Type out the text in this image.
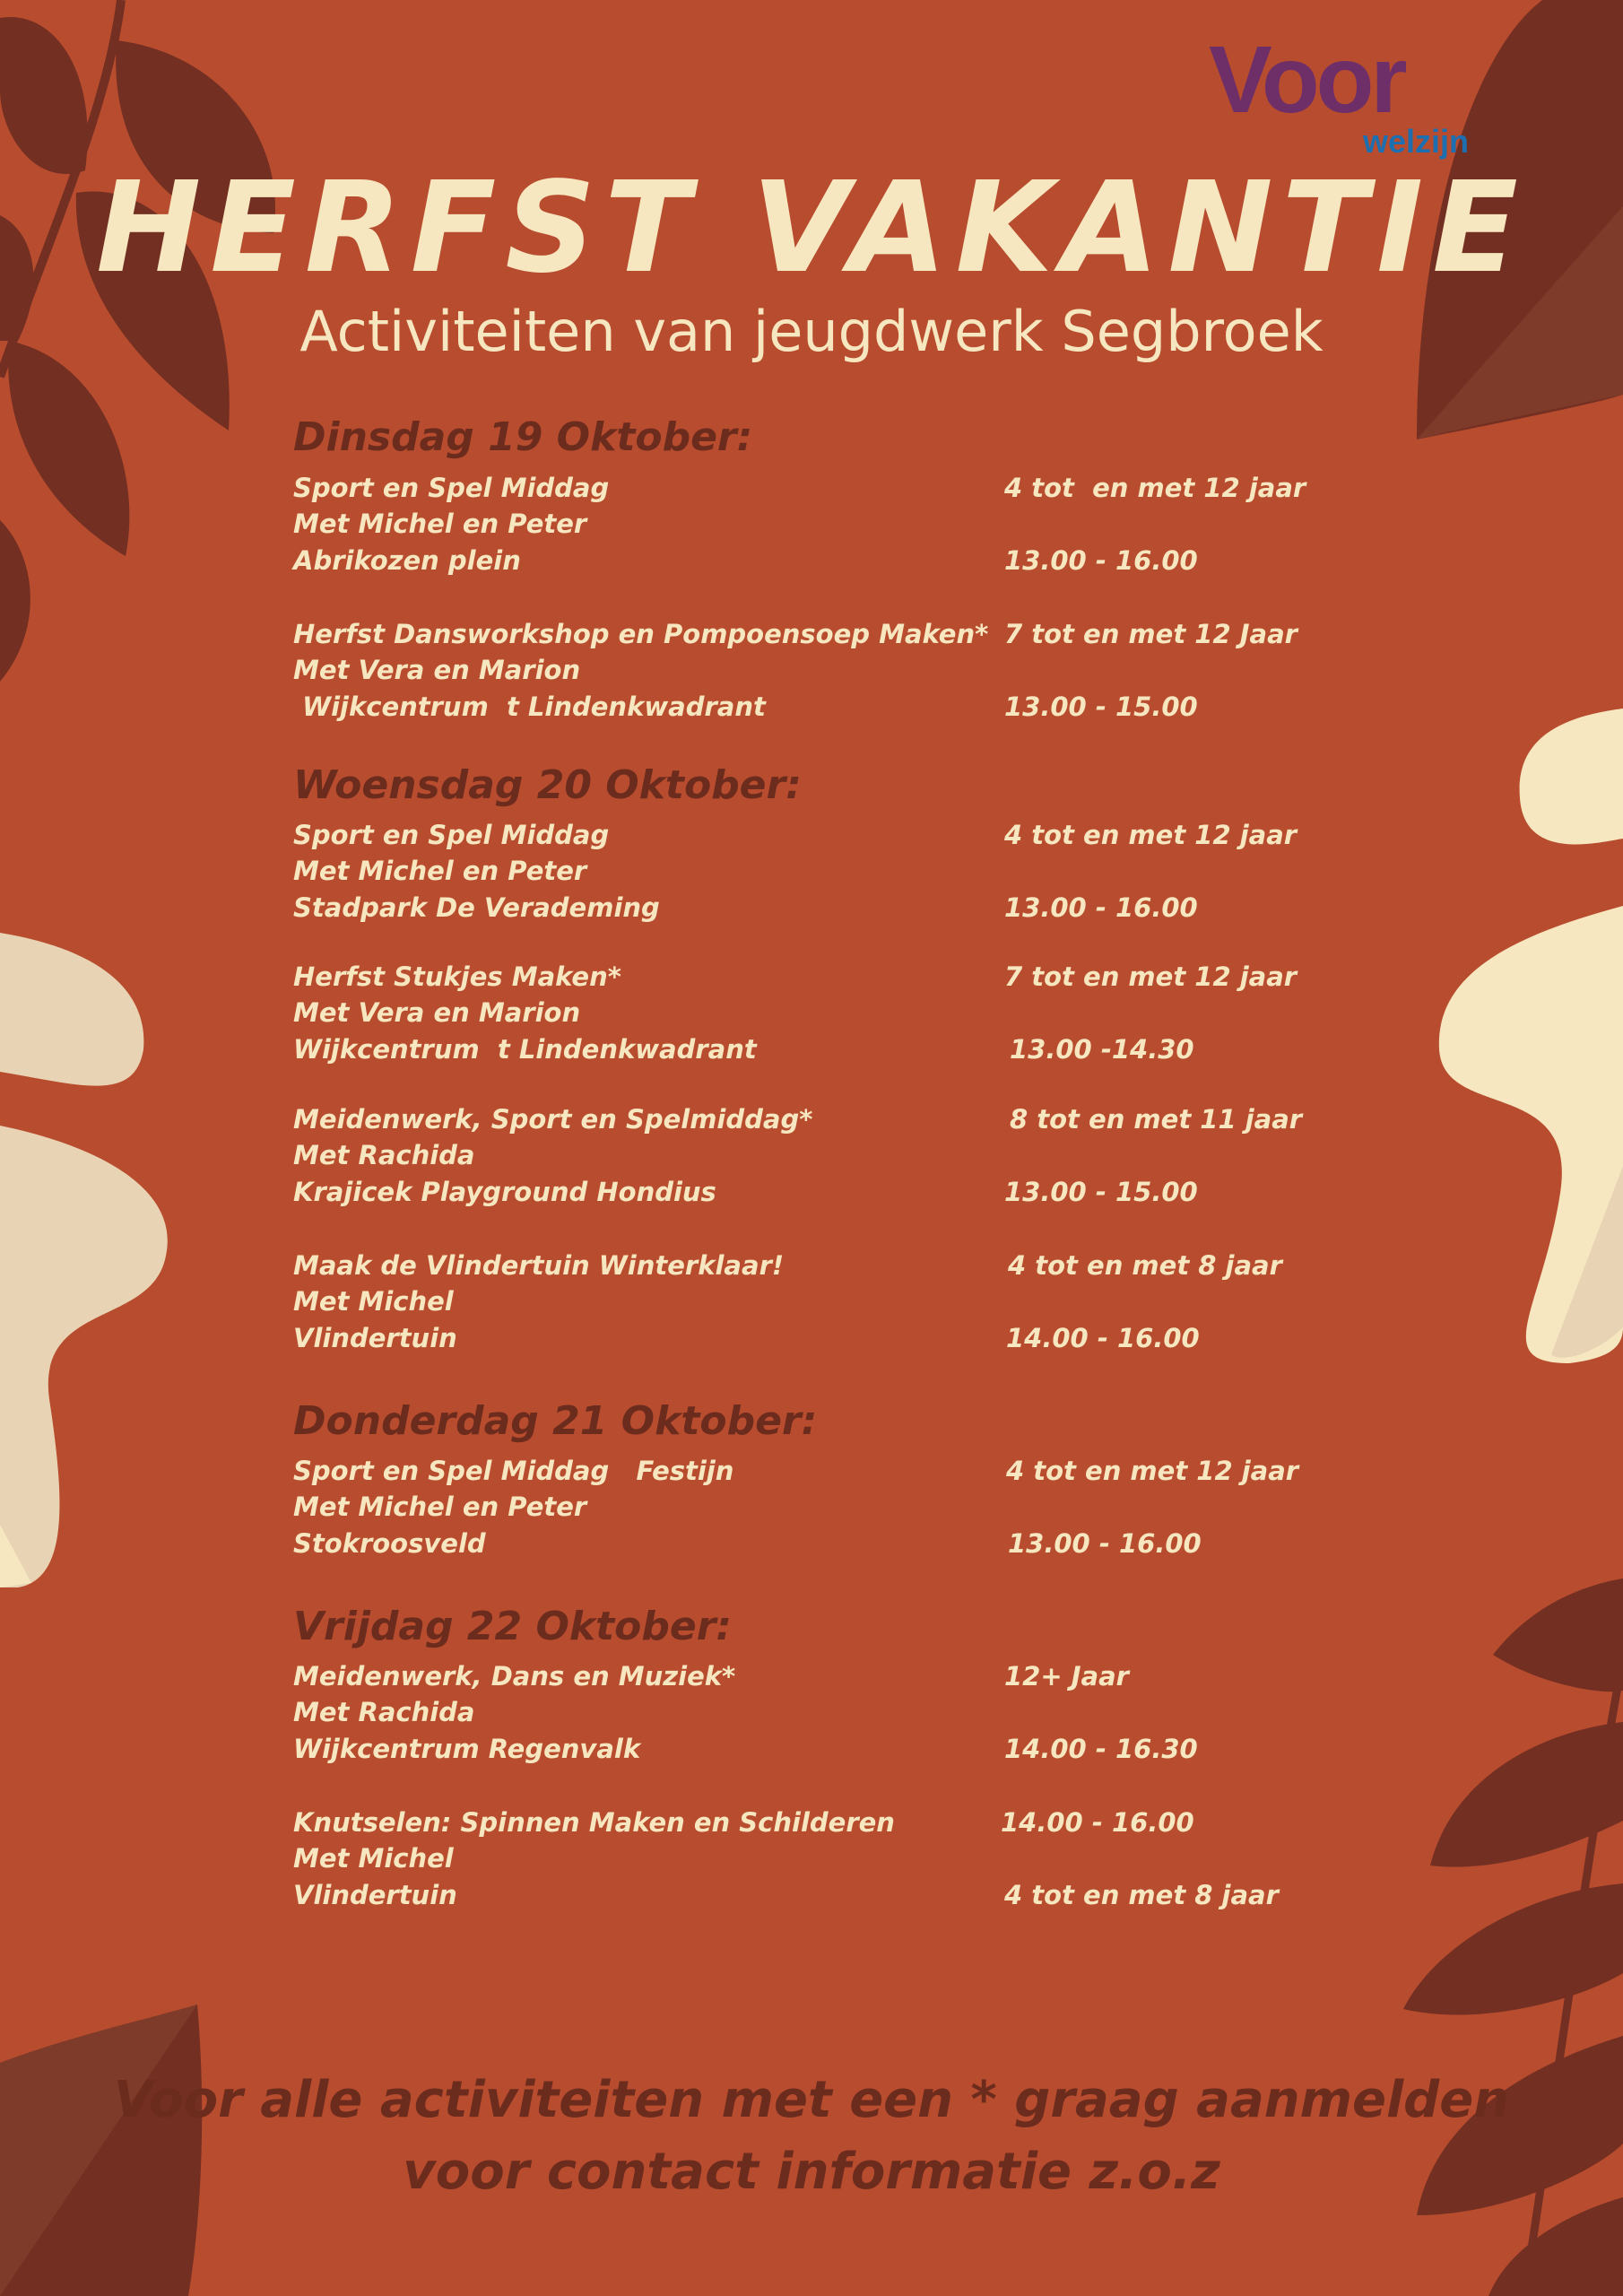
Voor
welzijn
HERFST VAKANTIE
Activiteiten van jeugdwerk Segbroek
Dinsdag 19 Oktober:
Sport en Spel Middag	4 tot  en met 12 jaar
Met Michel en Peter
Abrikozen plein	13.00 - 16.00
Herfst Dansworkshop en Pompoensoep Maken* 7 tot en met 12 Jaar
Met Vera en Marion
Wijkcentrum  t Lindenkwadrant	13.00 - 15.00
Woensdag 20 Oktober:
Sport en Spel Middag	4 tot en met 12 jaar
Met Michel en Peter
Stadpark De Verademing	13.00 - 16.00
Herfst Stukjes Maken*	7 tot en met 12 jaar
Met Vera en Marion
Wijkcentrum  t Lindenkwadrant	13.00 -14.30
Meidenwerk, Sport en Spelmiddag*	8 tot en met 11 jaar
Met Rachida
Krajicek Playground Hondius	13.00 - 15.00
Maak de Vlindertuin Winterklaar!	4 tot en met 8 jaar
Met Michel
Vlindertuin	14.00 - 16.00
Donderdag 21 Oktober:
Sport en Spel Middag   Festijn	4 tot en met 12 jaar
Met Michel en Peter
Stokroosveld	13.00 - 16.00
Vrijdag 22 Oktober:
Meidenwerk, Dans en Muziek*	12+ Jaar
Met Rachida
Wijkcentrum Regenvalk	14.00 - 16.30
Knutselen: Spinnen Maken en Schilderen	14.00 - 16.00
Met Michel
Vlindertuin	4 tot en met 8 jaar
Voor alle activiteiten met een * graag aanmelden
voor contact informatie z.o.z
